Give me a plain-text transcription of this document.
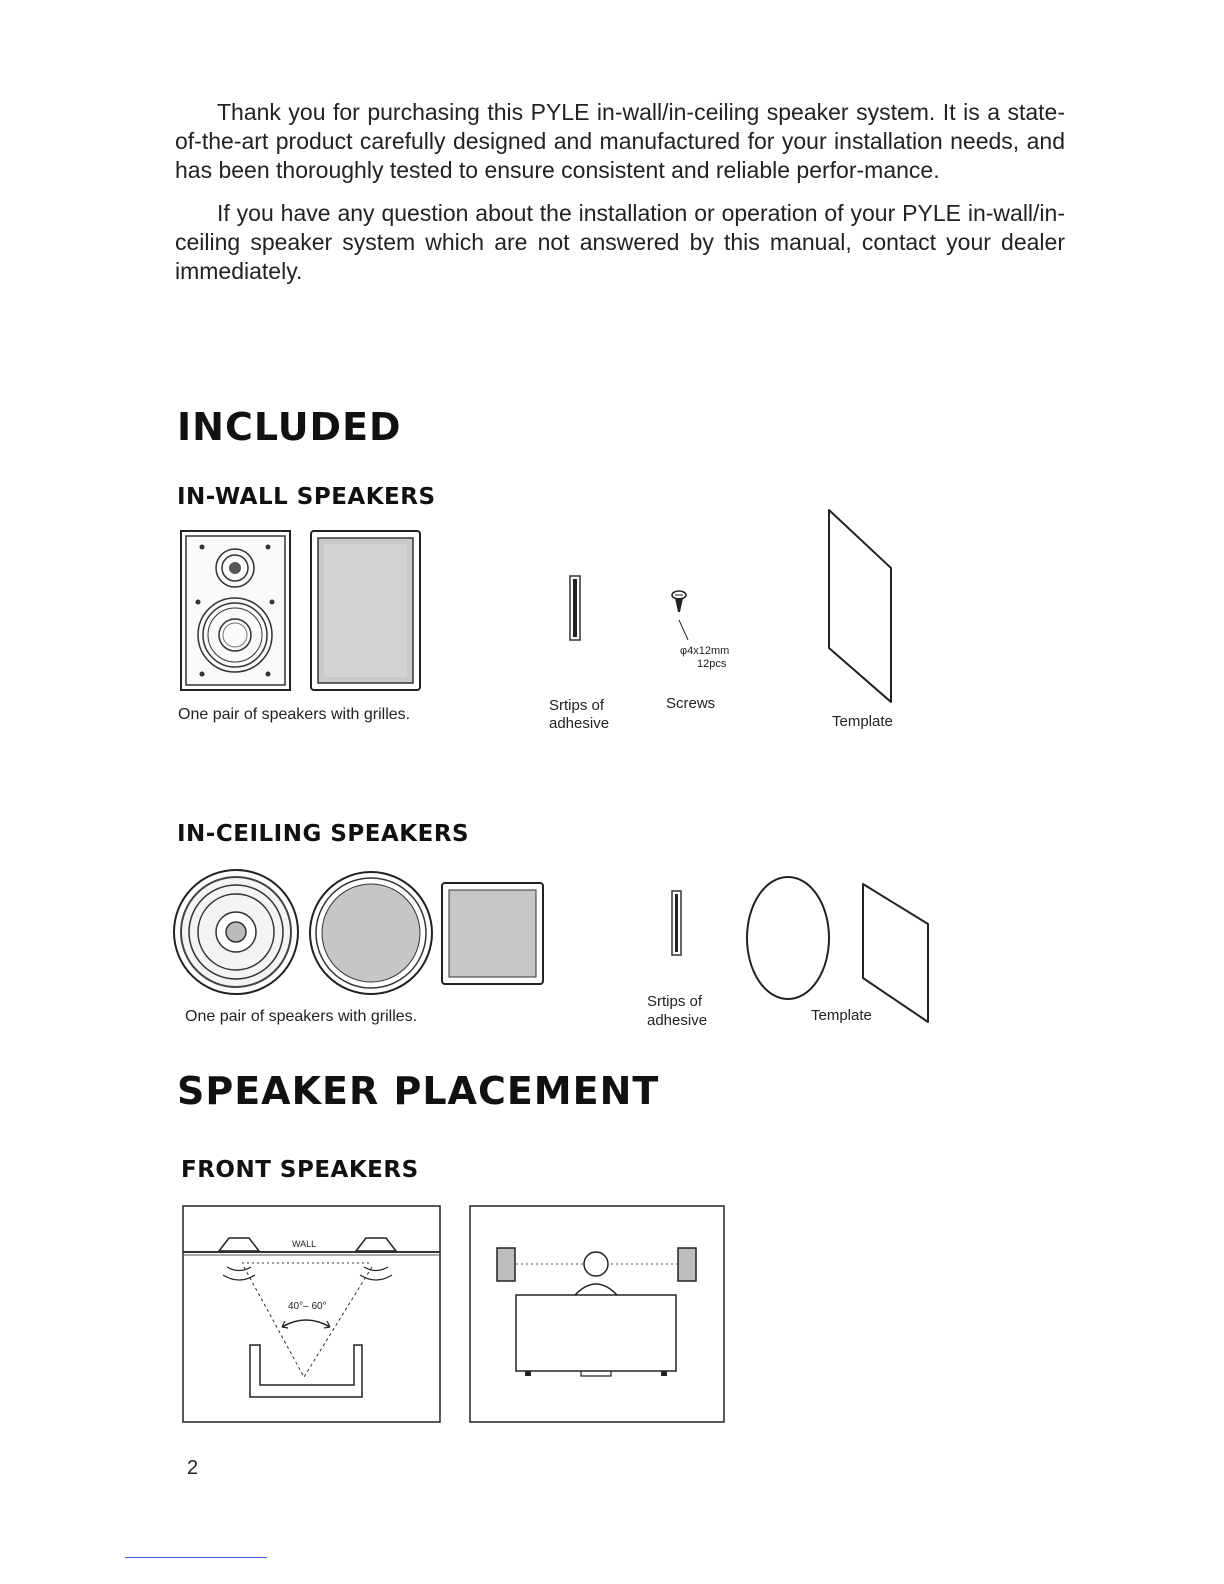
Thank you for purchasing this PYLE in-wall/in-ceiling speaker system. It is a state-of-the-art product carefully designed and manufactured for your installation needs, and has been thoroughly tested to ensure consistent and reliable perfor-mance.

If you have any question about the installation or operation of your PYLE in-wall/in-ceiling speaker system which are not answered by this manual, contact your dealer immediately.

INCLUDED
IN-WALL SPEAKERS
One pair of speakers with grilles.
Srtips of
adhesive
φ4x12mm
12pcs
Screws
Template
IN-CEILING SPEAKERS
One pair of speakers with grilles.
Srtips of
adhesive	Template
SPEAKER PLACEMENT
FRONT SPEAKERS
WALL
40°– 60°
2
